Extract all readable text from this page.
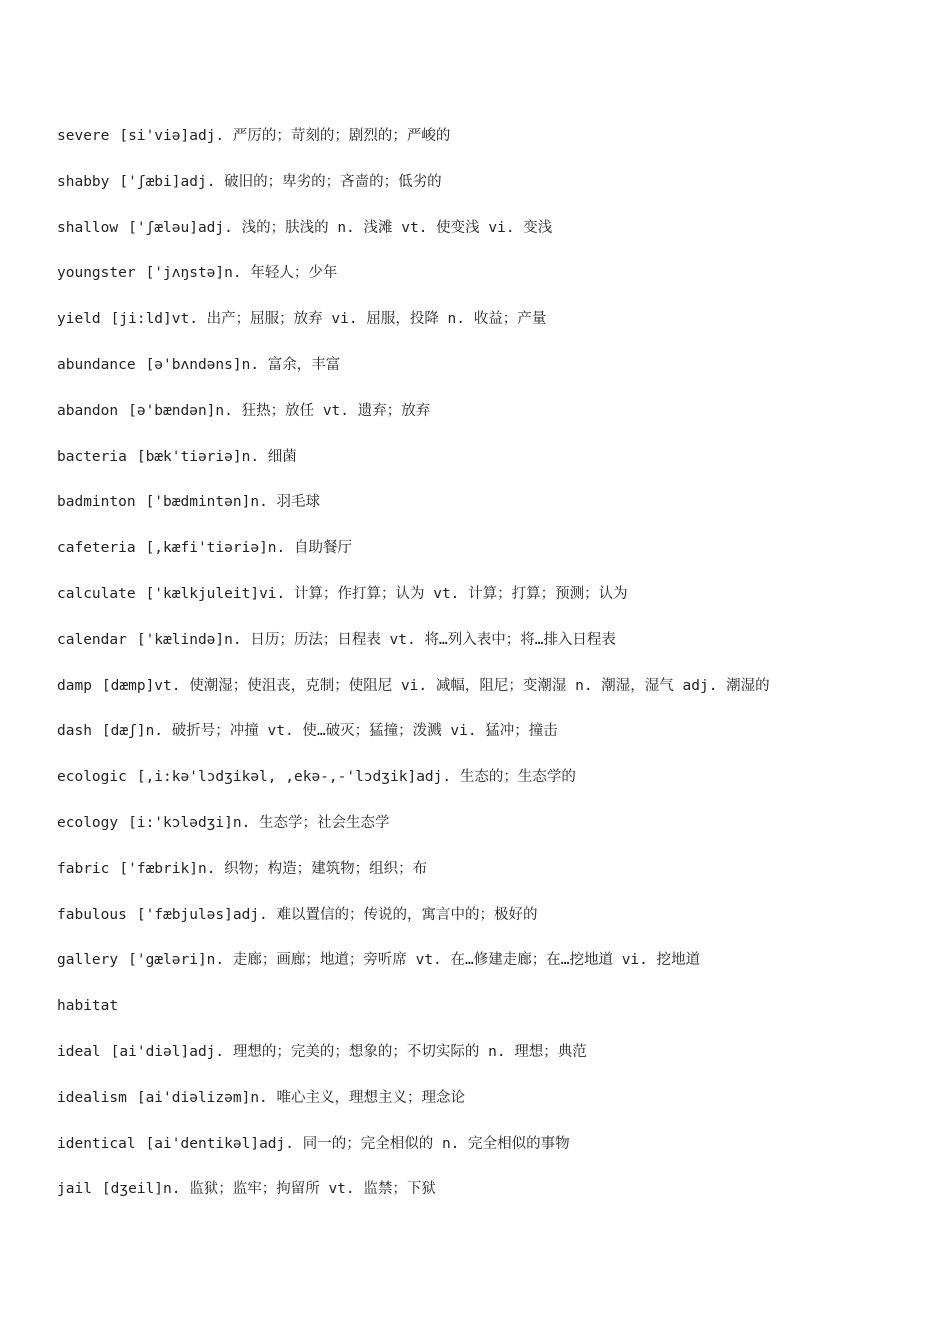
severe [si'viə]adj. 严厉的；苛刻的；剧烈的；严峻的
shabby ['ʃæbi]adj. 破旧的；卑劣的；吝啬的；低劣的
shallow ['ʃæləu]adj. 浅的；肤浅的 n. 浅滩 vt. 使变浅 vi. 变浅
youngster ['jʌŋstə]n. 年轻人；少年
yield [ji:ld]vt. 出产；屈服；放弃 vi. 屈服，投降 n. 收益；产量
abundance [ə'bʌndəns]n. 富余，丰富
abandon [ə'bændən]n. 狂热；放任 vt. 遗弃；放弃
bacteria [bæk'tiəriə]n. 细菌
badminton ['bædmintən]n. 羽毛球
cafeteria [,kæfi'tiəriə]n. 自助餐厅
calculate ['kælkjuleit]vi. 计算；作打算；认为 vt. 计算；打算；预测；认为
calendar ['kælində]n. 日历；历法；日程表 vt. 将…列入表中；将…排入日程表
damp [dæmp]vt. 使潮湿；使沮丧，克制；使阻尼 vi. 减幅，阻尼；变潮湿 n. 潮湿，湿气 adj. 潮湿的
dash [dæʃ]n. 破折号；冲撞 vt. 使…破灭；猛撞；泼溅 vi. 猛冲；撞击
ecologic [,i:kə'lɔdʒikəl, ,ekə-,-'lɔdʒik]adj. 生态的；生态学的
ecology [i:'kɔlədʒi]n. 生态学；社会生态学
fabric ['fæbrik]n. 织物；构造；建筑物；组织；布
fabulous ['fæbjuləs]adj. 难以置信的；传说的，寓言中的；极好的
gallery ['gæləri]n. 走廊；画廊；地道；旁听席 vt. 在…修建走廊；在…挖地道 vi. 挖地道
habitat
ideal [ai'diəl]adj. 理想的；完美的；想象的；不切实际的 n. 理想；典范
idealism [ai'diəlizəm]n. 唯心主义，理想主义；理念论
identical [ai'dentikəl]adj. 同一的；完全相似的 n. 完全相似的事物
jail [dʒeil]n. 监狱；监牢；拘留所 vt. 监禁；下狱
